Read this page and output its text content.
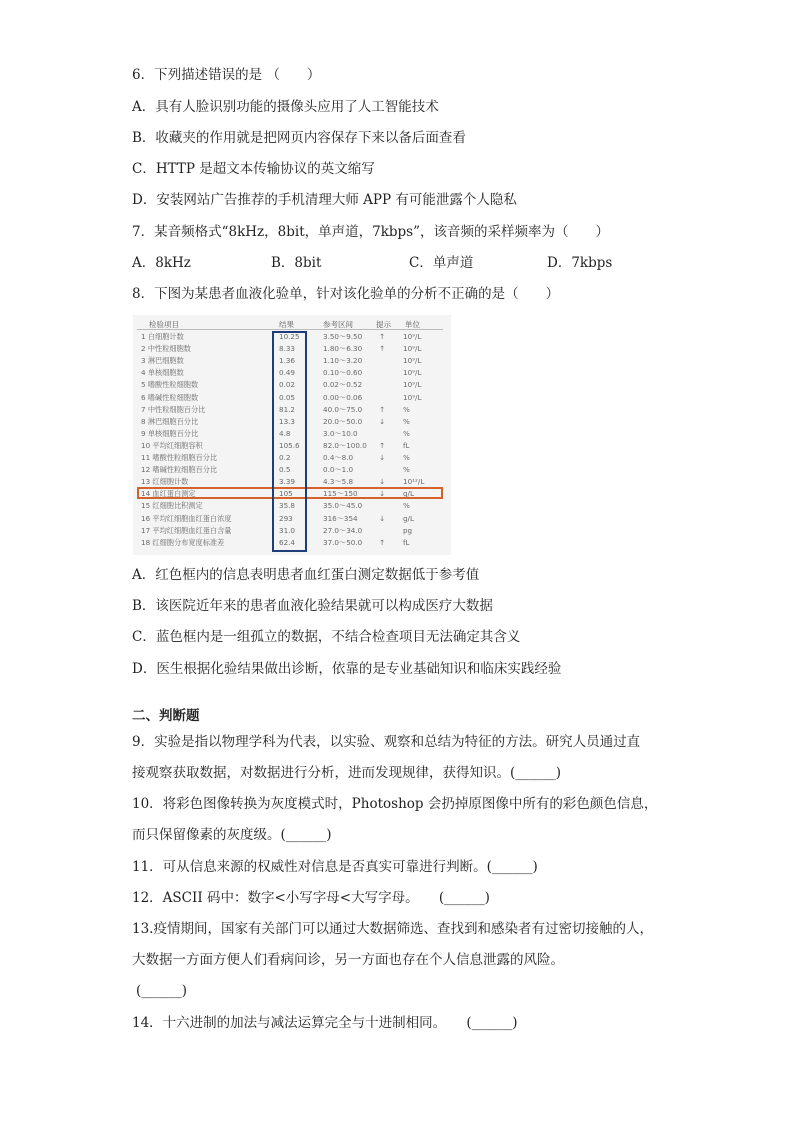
6．下列描述错误的是 （　　）
A．具有人脸识别功能的摄像头应用了人工智能技术
B．收藏夹的作用就是把网页内容保存下来以备后面查看
C．HTTP 是超文本传输协议的英文缩写
D．安装网站广告推荐的手机清理大师 APP 有可能泄露个人隐私
7．某音频格式“8kHz，8bit，单声道，7kbps”，该音频的采样频率为（　　）
A．8kHz	B．8bit	C．单声道	D．7kbps
8．下图为某患者血液化验单，针对该化验单的分析不正确的是（　　）
检验项目	结果	参考区间	提示 单位
1 白细胞计数	10.25	3.50～9.50 ↑ 10⁹/L
2 中性粒细胞数	8.33	1.80～6.30 ↑ 10⁹/L
3 淋巴细胞数	1.36	1.10～3.20	10⁹/L
4 单核细胞数	0.49	0.10～0.60	10⁹/L
5 嗜酸性粒细胞数	0.02	0.02～0.52	10⁹/L
6 嗜碱性粒细胞数	0.05	0.00～0.06	10⁹/L
7 中性粒细胞百分比	81.2	40.0～75.0 ↑ %
8 淋巴细胞百分比	13.3	20.0～50.0 ↓ %
9 单核细胞百分比	4.8	3.0～10.0	%
10 平均红细胞容积	105.6	82.0～100.0 ↑ fL
11 嗜酸性粒细胞百分比	0.2	0.4～8.0	↓ %
12 嗜碱性粒细胞百分比	0.5	0.0～1.0	%
13 红细胞计数	3.39	4.3～5.8	↓ 10¹²/L
14 血红蛋白测定	105	115～150	↓ g/L
15 红细胞比积测定	35.8	35.0～45.0	%
16 平均红细胞血红蛋白浓度	293	316～354	↓ g/L
17 平均红细胞血红蛋白含量	31.0	27.0～34.0	pg
18 红细胞分布宽度标准差	62.4	37.0～50.0 ↑ fL
A．红色框内的信息表明患者血红蛋白测定数据低于参考值
B．该医院近年来的患者血液化验结果就可以构成医疗大数据
C．蓝色框内是一组孤立的数据，不结合检查项目无法确定其含义
D．医生根据化验结果做出诊断，依靠的是专业基础知识和临床实践经验
二、判断题
9．实验是指以物理学科为代表，以实验、观察和总结为特征的方法。研究人员通过直
接观察获取数据，对数据进行分析，进而发现规律，获得知识。(______)
10．将彩色图像转换为灰度模式时，Photoshop 会扔掉原图像中所有的彩色颜色信息，
而只保留像素的灰度级。(______)
11．可从信息来源的权威性对信息是否真实可靠进行判断。(______)
12．ASCII 码中：数字<小写字母<大写字母。　　(______)
13.疫情期间，国家有关部门可以通过大数据筛选、查找到和感染者有过密切接触的人，
大数据一方面方便人们看病问诊，另一方面也存在个人信息泄露的风险。
(______)
14．十六进制的加法与减法运算完全与十进制相同。　　(______)
